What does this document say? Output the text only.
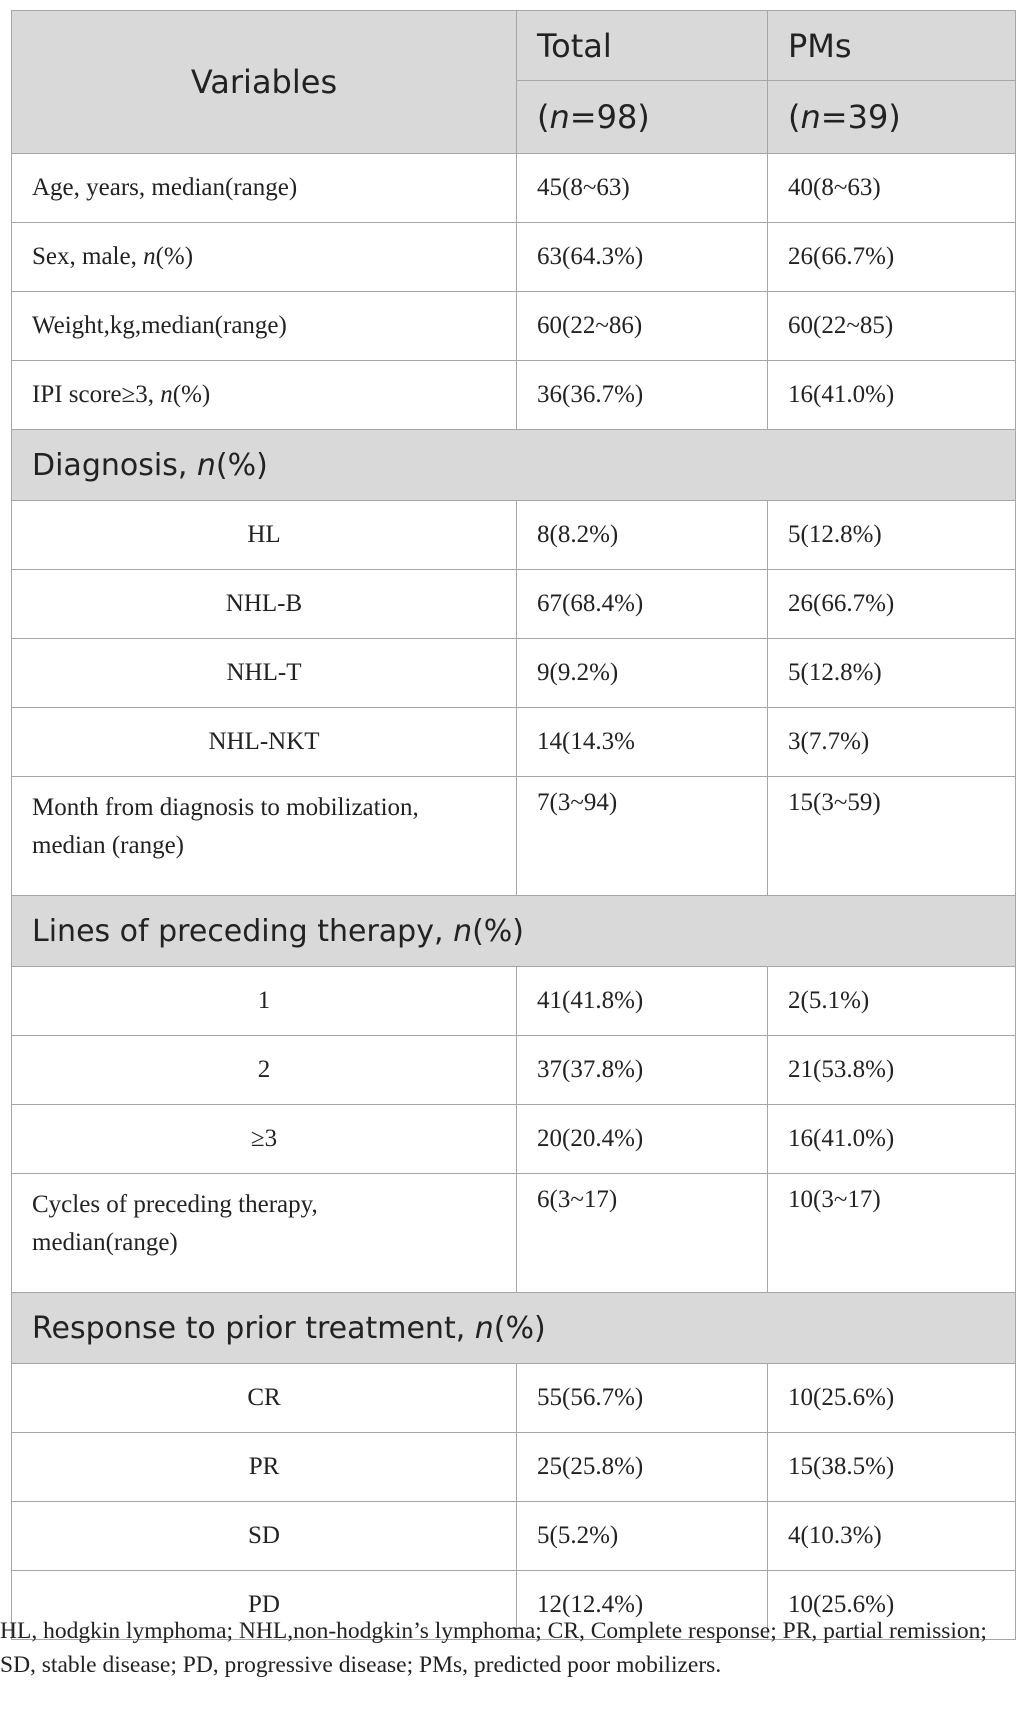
Variables	Total	PMs
	(n=98)	(n=39)
Age, years, median(range)	45(8~63)	40(8~63)
Sex, male, n(%)	63(64.3%)	26(66.7%)
Weight,kg,median(range)	60(22~86)	60(22~85)
IPI score≥3, n(%)	36(36.7%)	16(41.0%)
Diagnosis, n(%)		
HL	8(8.2%)	5(12.8%)
NHL-B	67(68.4%)	26(66.7%)
NHL-T	9(9.2%)	5(12.8%)
NHL-NKT	14(14.3%	3(7.7%)
Month from diagnosis to mobilization,
median (range)	7(3~94)	15(3~59)
Lines of preceding therapy, n(%)		
1	41(41.8%)	2(5.1%)
2	37(37.8%)	21(53.8%)
≥3	20(20.4%)	16(41.0%)
Cycles of preceding therapy,
median(range)	6(3~17)	10(3~17)
Response to prior treatment, n(%)		
CR	55(56.7%)	10(25.6%)
PR	25(25.8%)	15(38.5%)
SD	5(5.2%)	4(10.3%)
PD	12(12.4%)	10(25.6%)
HL, hodgkin lymphoma; NHL,non-hodgkin’s lymphoma; CR, Complete response; PR, partial remission; SD, stable disease; PD, progressive disease; PMs, predicted poor mobilizers.
